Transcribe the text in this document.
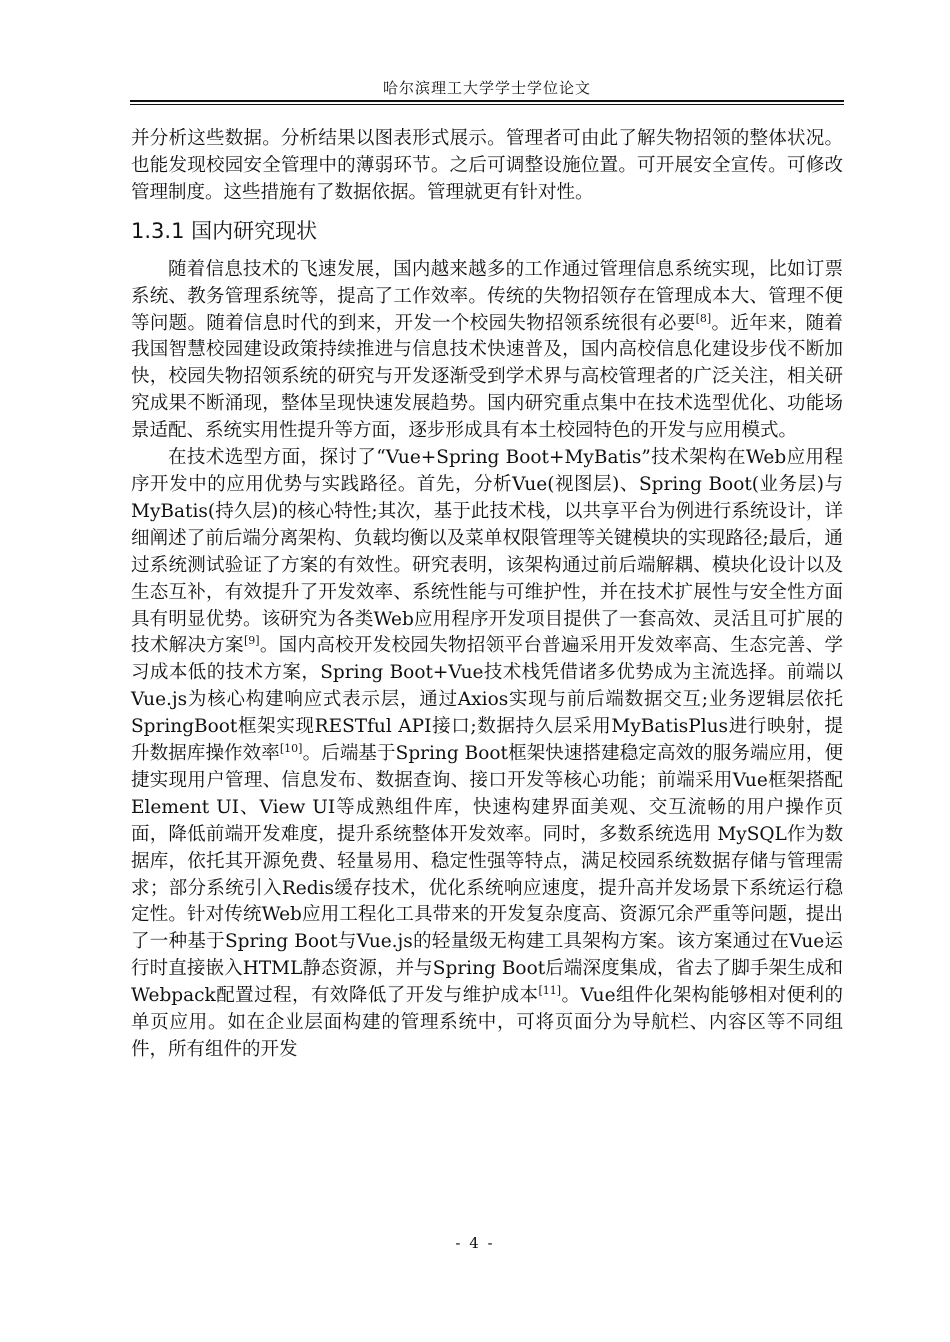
哈尔滨理工大学学士学位论文

并分析这些数据。分析结果以图表形式展示。管理者可由此了解失物招领的整体状况。也能发现校园安全管理中的薄弱环节。之后可调整设施位置。可开展安全宣传。可修改管理制度。这些措施有了数据依据。管理就更有针对性。

1.3.1 国内研究现状

随着信息技术的飞速发展，国内越来越多的工作通过管理信息系统实现，比如订票系统、教务管理系统等，提高了工作效率。传统的失物招领存在管理成本大、管理不便等问题。随着信息时代的到来，开发一个校园失物招领系统很有必要[8]。近年来，随着我国智慧校园建设政策持续推进与信息技术快速普及，国内高校信息化建设步伐不断加快，校园失物招领系统的研究与开发逐渐受到学术界与高校管理者的广泛关注，相关研究成果不断涌现，整体呈现快速发展趋势。国内研究重点集中在技术选型优化、功能场景适配、系统实用性提升等方面，逐步形成具有本土校园特色的开发与应用模式。

在技术选型方面，探讨了“Vue+Spring Boot+MyBatis”技术架构在Web应用程序开发中的应用优势与实践路径。首先，分析Vue(视图层)、Spring Boot(业务层)与MyBatis(持久层)的核心特性;其次，基于此技术栈，以共享平台为例进行系统设计，详细阐述了前后端分离架构、负载均衡以及菜单权限管理等关键模块的实现路径;最后，通过系统测试验证了方案的有效性。研究表明，该架构通过前后端解耦、模块化设计以及生态互补，有效提升了开发效率、系统性能与可维护性，并在技术扩展性与安全性方面具有明显优势。该研究为各类Web应用程序开发项目提供了一套高效、灵活且可扩展的技术解决方案[9]。国内高校开发校园失物招领平台普遍采用开发效率高、生态完善、学习成本低的技术方案，Spring Boot+Vue技术栈凭借诸多优势成为主流选择。前端以Vue.js为核心构建响应式表示层，通过Axios实现与前后端数据交互;业务逻辑层依托SpringBoot框架实现RESTful API接口;数据持久层采用MyBatisPlus进行映射，提升数据库操作效率[10]。后端基于Spring Boot框架快速搭建稳定高效的服务端应用，便捷实现用户管理、信息发布、数据查询、接口开发等核心功能；前端采用Vue框架搭配 Element UI、View UI等成熟组件库，快速构建界面美观、交互流畅的用户操作页面，降低前端开发难度，提升系统整体开发效率。同时，多数系统选用 MySQL作为数据库，依托其开源免费、轻量易用、稳定性强等特点，满足校园系统数据存储与管理需求；部分系统引入Redis缓存技术，优化系统响应速度，提升高并发场景下系统运行稳定性。针对传统Web应用工程化工具带来的开发复杂度高、资源冗余严重等问题，提出了一种基于Spring Boot与Vue.js的轻量级无构建工具架构方案。该方案通过在Vue运行时直接嵌入HTML静态资源，并与Spring Boot后端深度集成，省去了脚手架生成和Webpack配置过程，有效降低了开发与维护成本[11]。Vue组件化架构能够相对便利的单页应用。如在企业层面构建的管理系统中，可将页面分为导航栏、内容区等不同组件，所有组件的开发

- 4 -
